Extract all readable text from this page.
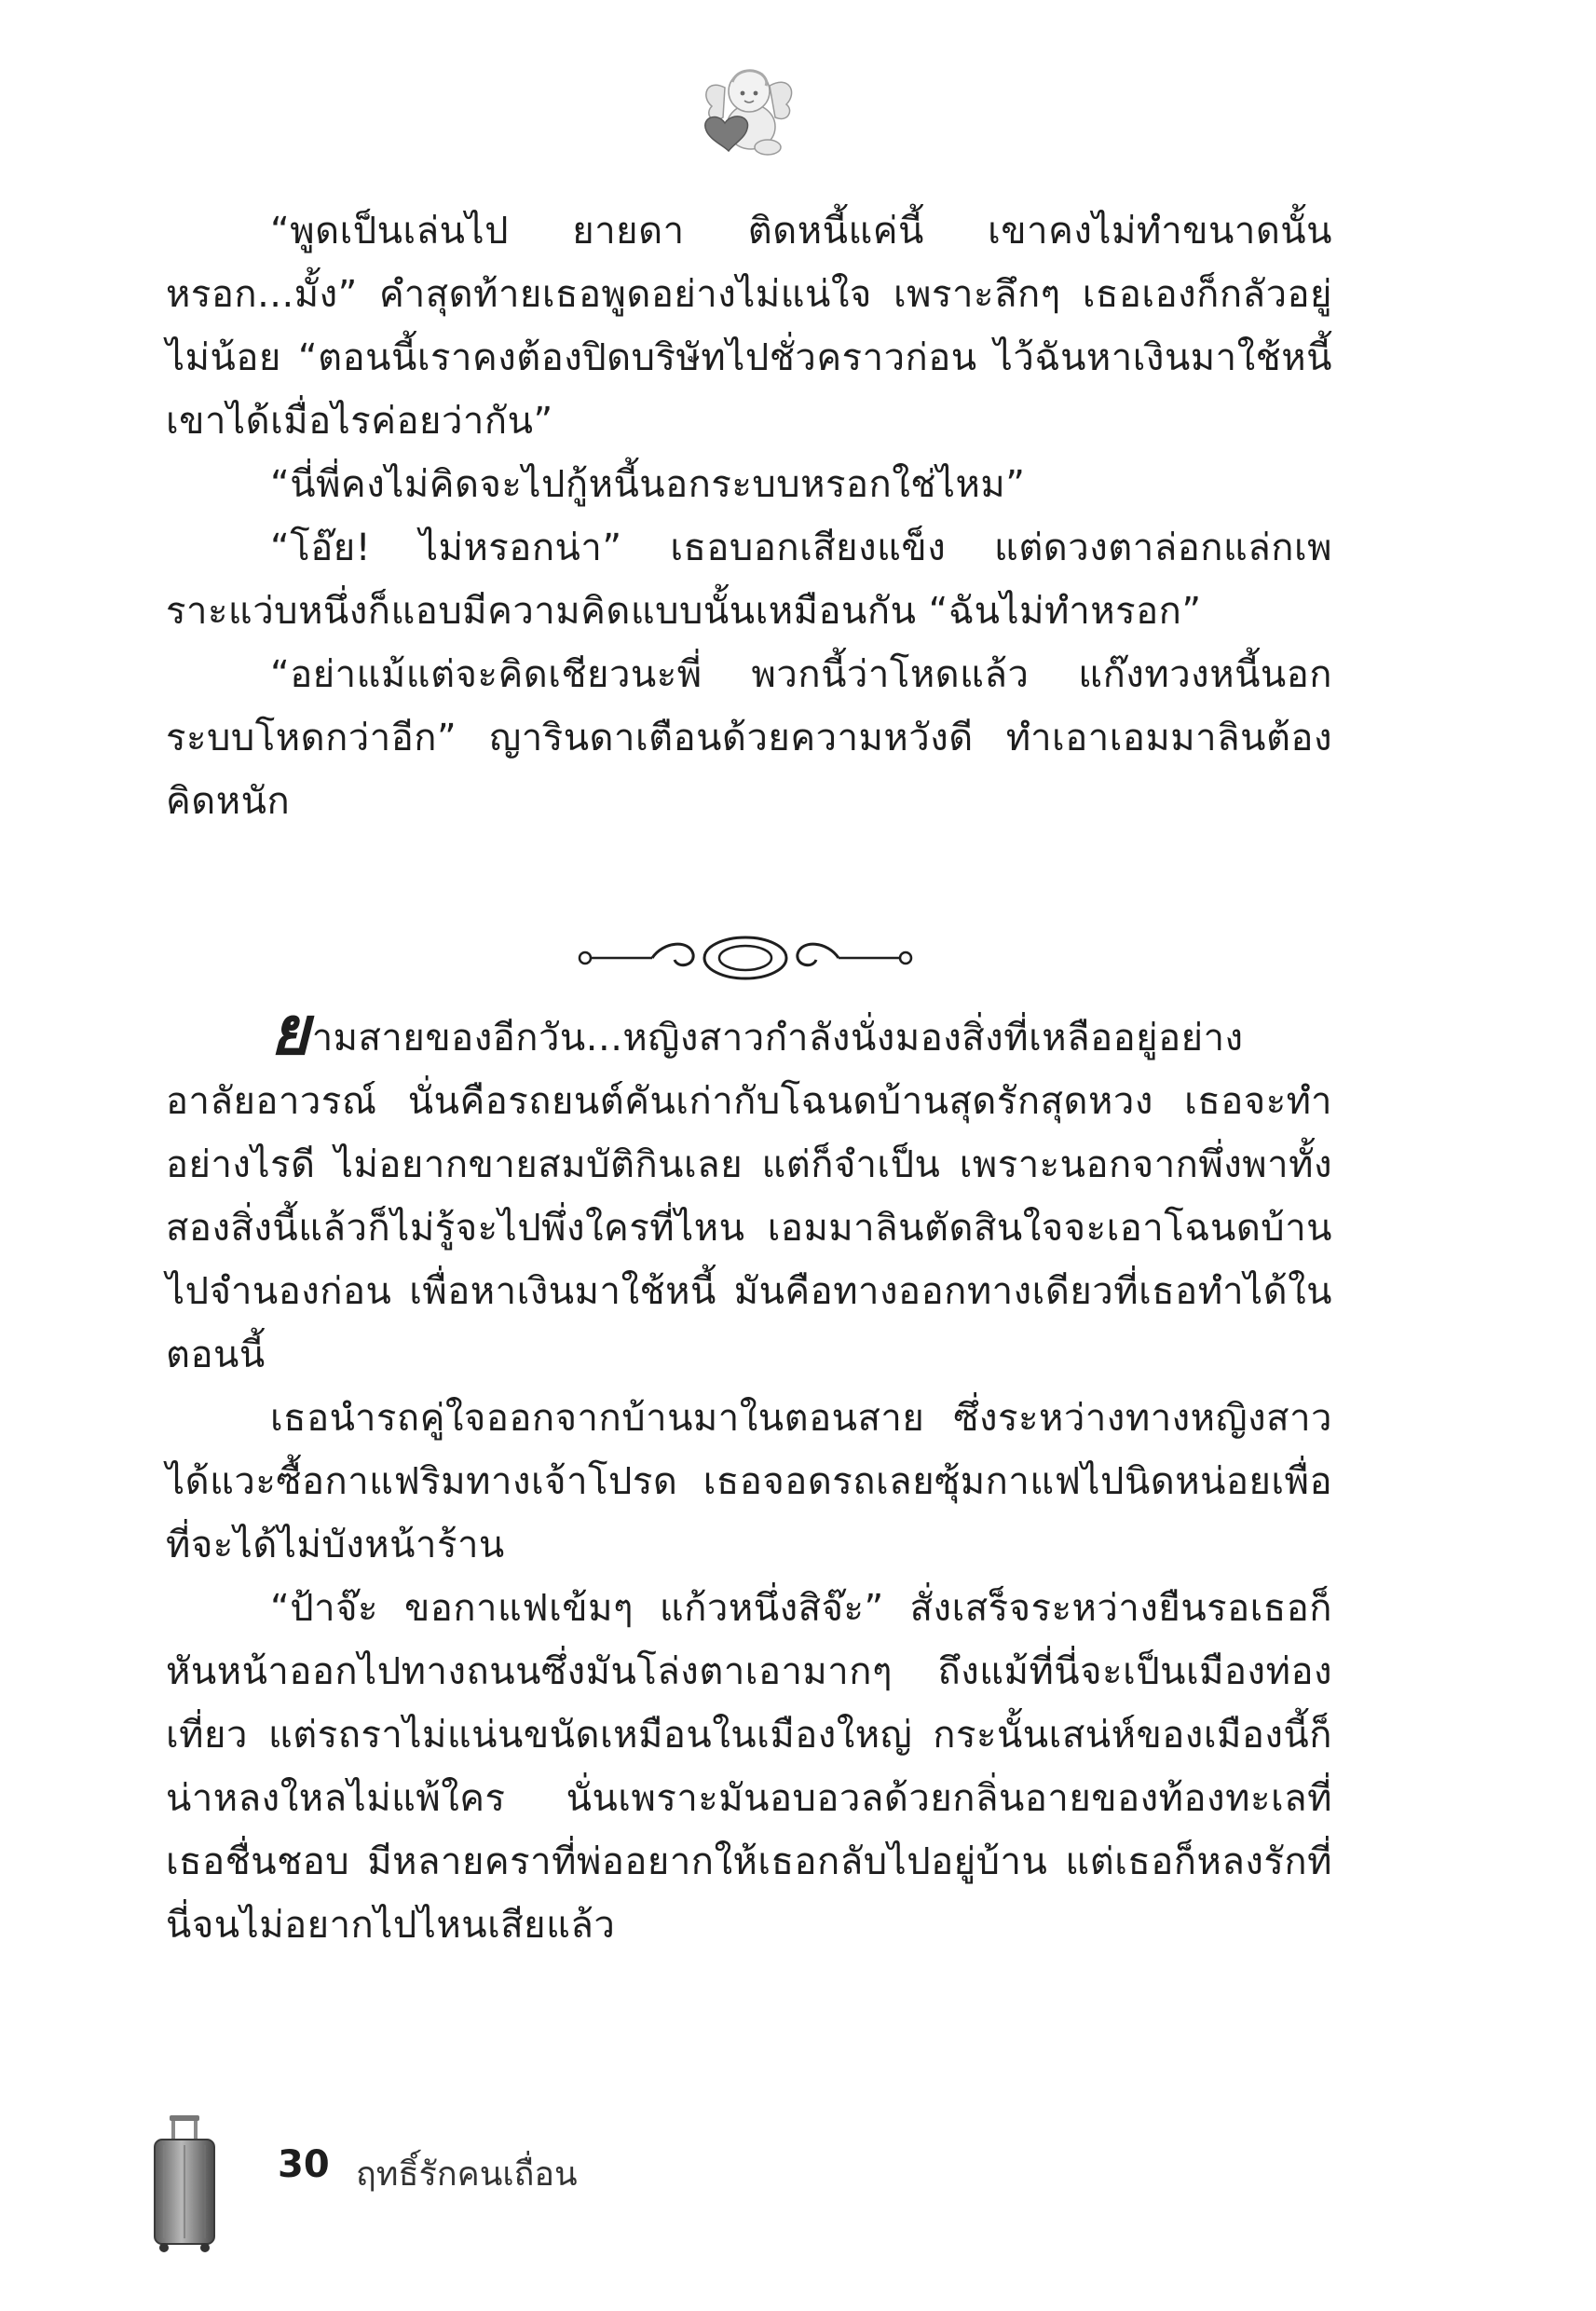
“พูดเป็นเล่นไป ยายดา ติดหนี้แค่นี้ เขาคงไม่ทำขนาดนั้นหรอก...มั้ง” คำสุดท้ายเธอพูดอย่างไม่แน่ใจ เพราะลึกๆ เธอเองก็กลัวอยู่ไม่น้อย “ตอนนี้เราคงต้องปิดบริษัทไปชั่วคราวก่อน ไว้ฉันหาเงินมาใช้หนี้เขาได้เมื่อไรค่อยว่ากัน”

“นี่พี่คงไม่คิดจะไปกู้หนี้นอกระบบหรอกใช่ไหม”

“โอ๊ย! ไม่หรอกน่า” เธอบอกเสียงแข็ง แต่ดวงตาล่อกแล่กเพราะแว่บหนึ่งก็แอบมีความคิดแบบนั้นเหมือนกัน “ฉันไม่ทำหรอก”

“อย่าแม้แต่จะคิดเชียวนะพี่ พวกนี้ว่าโหดแล้ว แก๊งทวงหนี้นอกระบบโหดกว่าอีก” ญารินดาเตือนด้วยความหวังดี ทำเอาเอมมาลินต้องคิดหนัก

ยามสายของอีกวัน...หญิงสาวกำลังนั่งมองสิ่งที่เหลืออยู่อย่างอาลัยอาวรณ์ นั่นคือรถยนต์คันเก่ากับโฉนดบ้านสุดรักสุดหวง เธอจะทำอย่างไรดี ไม่อยากขายสมบัติกินเลย แต่ก็จำเป็น เพราะนอกจากพึ่งพาทั้งสองสิ่งนี้แล้วก็ไม่รู้จะไปพึ่งใครที่ไหน เอมมาลินตัดสินใจจะเอาโฉนดบ้านไปจำนองก่อน เพื่อหาเงินมาใช้หนี้ มันคือทางออกทางเดียวที่เธอทำได้ในตอนนี้

เธอนำรถคู่ใจออกจากบ้านมาในตอนสาย ซึ่งระหว่างทางหญิงสาวได้แวะซื้อกาแฟริมทางเจ้าโปรด เธอจอดรถเลยซุ้มกาแฟไปนิดหน่อยเพื่อที่จะได้ไม่บังหน้าร้าน

“ป้าจ๊ะ ขอกาแฟเข้มๆ แก้วหนึ่งสิจ๊ะ” สั่งเสร็จระหว่างยืนรอเธอก็หันหน้าออกไปทางถนนซึ่งมันโล่งตาเอามากๆ ถึงแม้ที่นี่จะเป็นเมืองท่องเที่ยว แต่รถราไม่แน่นขนัดเหมือนในเมืองใหญ่ กระนั้นเสน่ห์ของเมืองนี้ก็น่าหลงใหลไม่แพ้ใคร นั่นเพราะมันอบอวลด้วยกลิ่นอายของท้องทะเลที่เธอชื่นชอบ มีหลายคราที่พ่ออยากให้เธอกลับไปอยู่บ้าน แต่เธอก็หลงรักที่นี่จนไม่อยากไปไหนเสียแล้ว

30 ฤทธิ์รักคนเถื่อน
